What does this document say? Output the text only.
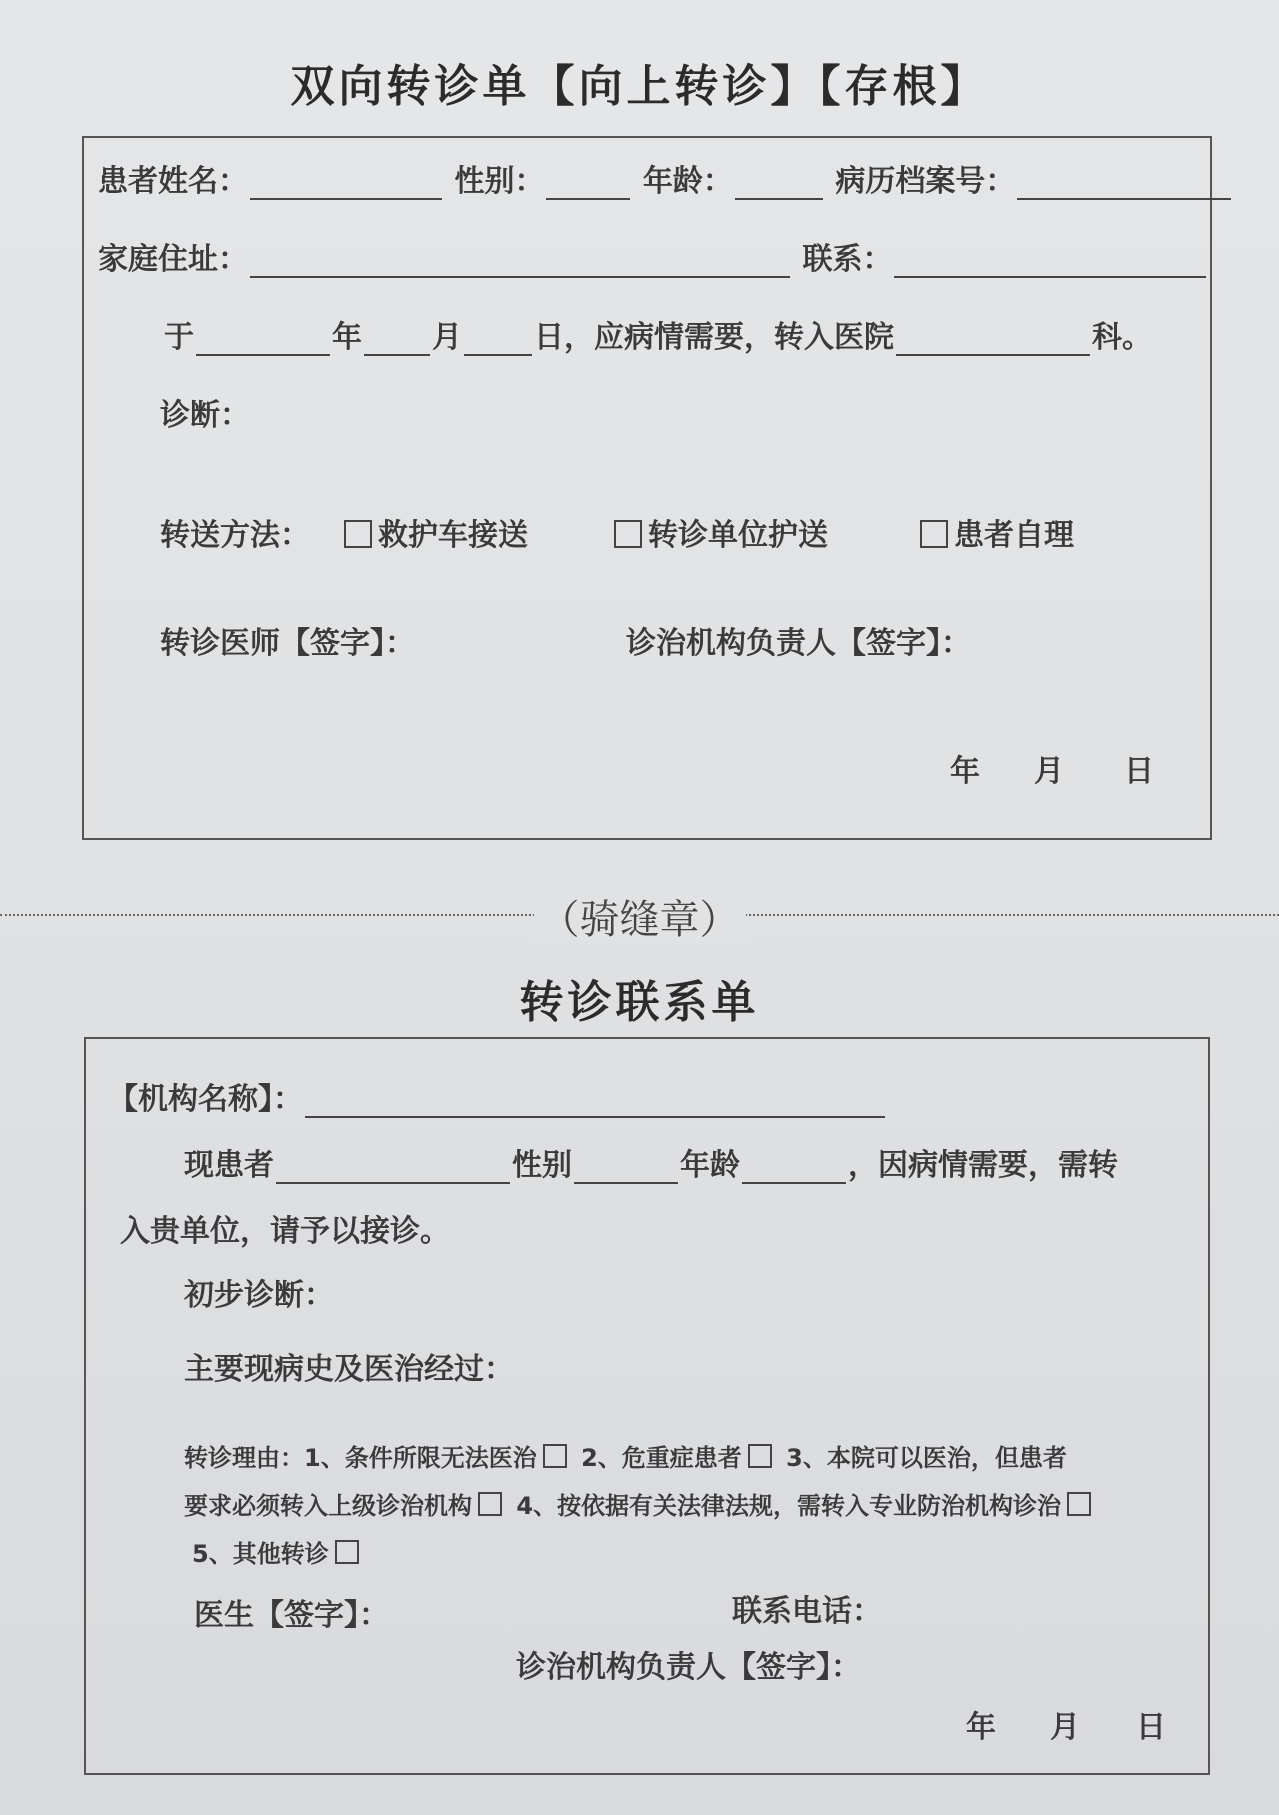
双向转诊单【向上转诊】【存根】
患者姓名：	性别：	年龄：	病历档案号：
家庭住址：	联系：
于	年 月 日，应病情需要，转入医院	科。
诊断：
转送方法：	救护车接送	转诊单位护送	患者自理
转诊医师【签字】：	诊治机构负责人【签字】：
年 月 日
（骑缝章）
转诊联系单
【机构名称】：
现患者	性别	年龄	，因病情需要，需转
入贵单位，请予以接诊。
初步诊断：
主要现病史及医治经过：
转诊理由：1、条件所限无法医治 2、危重症患者 3、本院可以医治，但患者
要求必须转入上级诊治机构 4、按依据有关法律法规，需转入专业防治机构诊治
5、其他转诊
医生【签字】：	联系电话：
诊治机构负责人【签字】：
年 月 日
